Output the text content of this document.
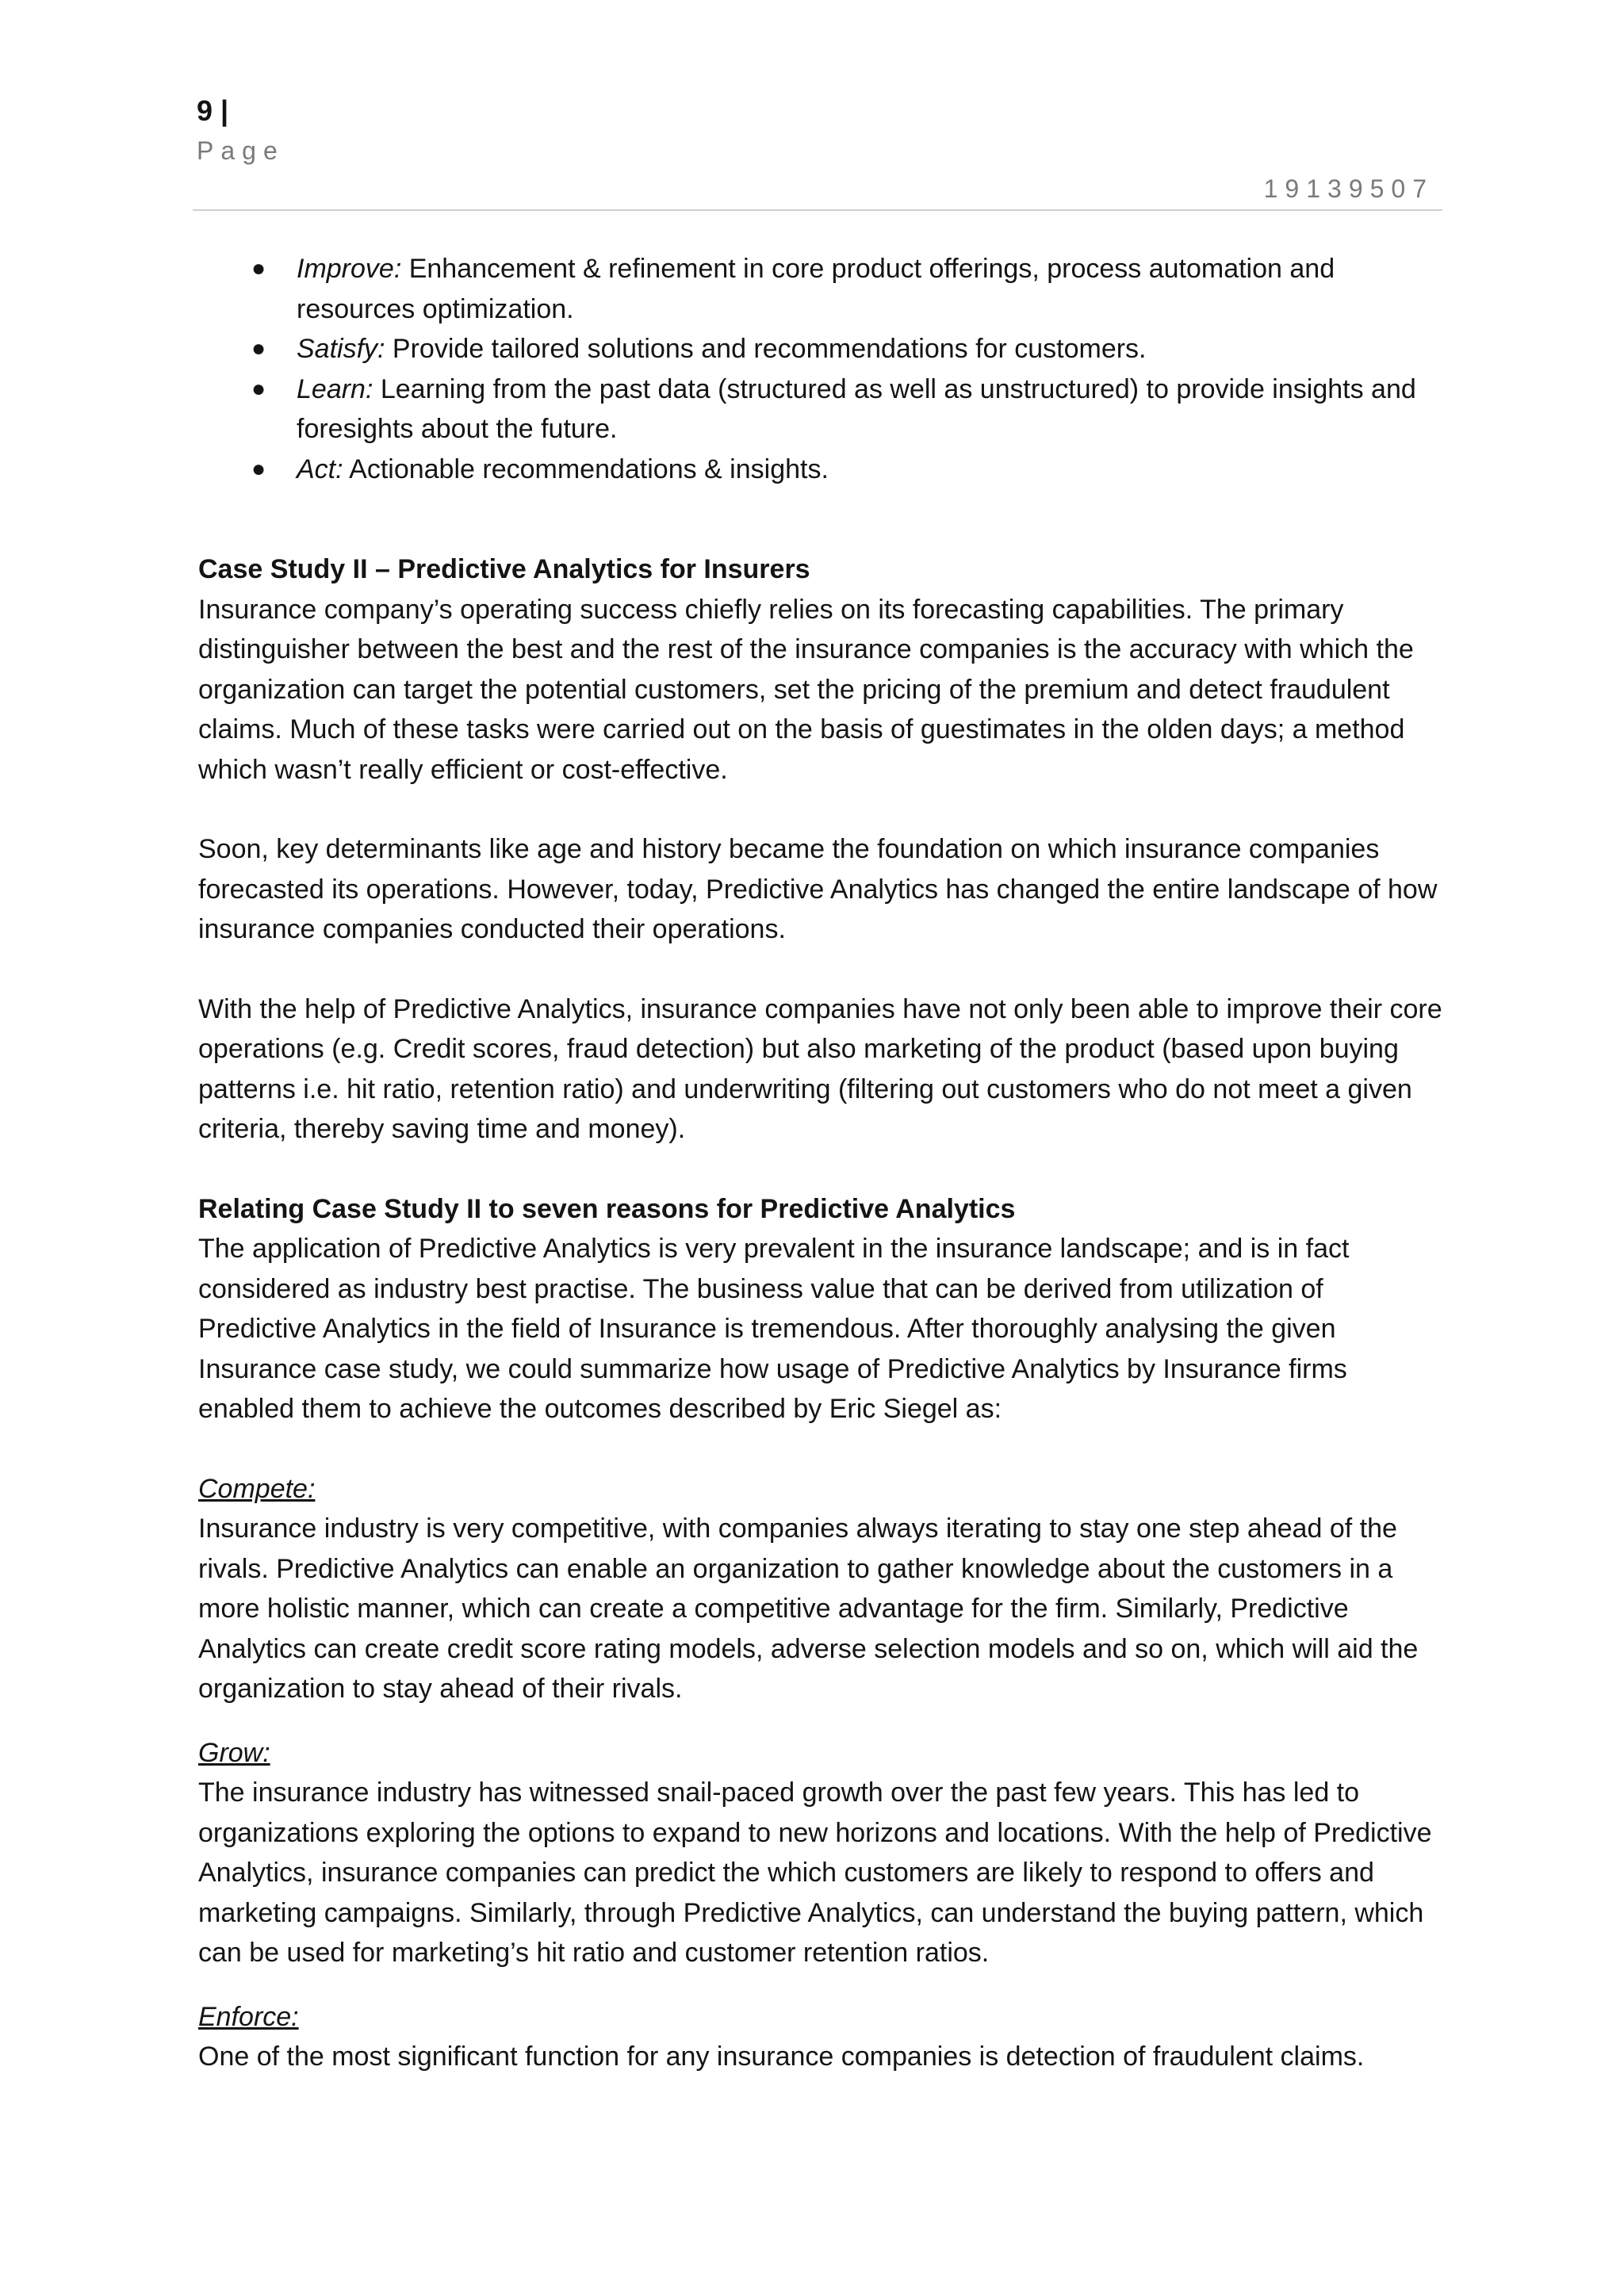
9 |
Page
19139507
● Improve: Enhancement & refinement in core product offerings, process automation and resources optimization.
● Satisfy: Provide tailored solutions and recommendations for customers.
● Learn: Learning from the past data (structured as well as unstructured) to provide insights and foresights about the future.
● Act: Actionable recommendations & insights.
Case Study II – Predictive Analytics for Insurers

Insurance company’s operating success chiefly relies on its forecasting capabilities. The primary distinguisher between the best and the rest of the insurance companies is the accuracy with which the organization can target the potential customers, set the pricing of the premium and detect fraudulent claims. Much of these tasks were carried out on the basis of guestimates in the olden days; a method which wasn’t really efficient or cost-effective.

Soon, key determinants like age and history became the foundation on which insurance companies forecasted its operations. However, today, Predictive Analytics has changed the entire landscape of how insurance companies conducted their operations.

With the help of Predictive Analytics, insurance companies have not only been able to improve their core operations (e.g. Credit scores, fraud detection) but also marketing of the product (based upon buying patterns i.e. hit ratio, retention ratio) and underwriting (filtering out customers who do not meet a given criteria, thereby saving time and money).

Relating Case Study II to seven reasons for Predictive Analytics

The application of Predictive Analytics is very prevalent in the insurance landscape; and is in fact considered as industry best practise. The business value that can be derived from utilization of Predictive Analytics in the field of Insurance is tremendous. After thoroughly analysing the given Insurance case study, we could summarize how usage of Predictive Analytics by Insurance firms enabled them to achieve the outcomes described by Eric Siegel as:

Compete:

Insurance industry is very competitive, with companies always iterating to stay one step ahead of the rivals. Predictive Analytics can enable an organization to gather knowledge about the customers in a more holistic manner, which can create a competitive advantage for the firm. Similarly, Predictive Analytics can create credit score rating models, adverse selection models and so on, which will aid the organization to stay ahead of their rivals.

Grow:

The insurance industry has witnessed snail-paced growth over the past few years. This has led to organizations exploring the options to expand to new horizons and locations. With the help of Predictive Analytics, insurance companies can predict the which customers are likely to respond to offers and marketing campaigns. Similarly, through Predictive Analytics, can understand the buying pattern, which can be used for marketing’s hit ratio and customer retention ratios.

Enforce:

One of the most significant function for any insurance companies is detection of fraudulent claims.
